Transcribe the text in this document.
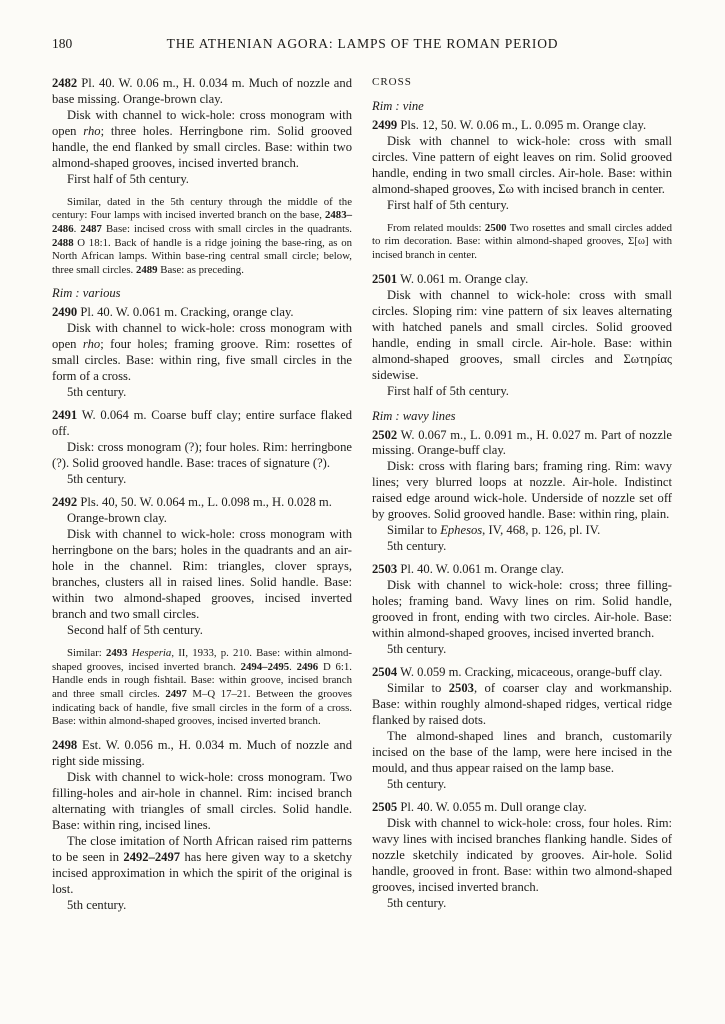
180	THE ATHENIAN AGORA: LAMPS OF THE ROMAN PERIOD

2482 Pl. 40. W. 0.06 m., H. 0.034 m. Much of nozzle and base missing. Orange-brown clay.

Disk with channel to wick-hole: cross monogram with open rho; three holes. Herringbone rim. Solid grooved handle, the end flanked by small circles. Base: within two almond-shaped grooves, incised inverted branch.

First half of 5th century.

Similar, dated in the 5th century through the middle of the century: Four lamps with incised inverted branch on the base, 2483–2486. 2487 Base: incised cross with small circles in the quadrants. 2488 O 18:1. Back of handle is a ridge joining the base-ring, as on North African lamps. Within base-ring central small circle; below, three small circles. 2489 Base: as preceding.

Rim : various

2490 Pl. 40. W. 0.061 m. Cracking, orange clay.

Disk with channel to wick-hole: cross monogram with open rho; four holes; framing groove. Rim: rosettes of small circles. Base: within ring, five small circles in the form of a cross.

5th century.

2491 W. 0.064 m. Coarse buff clay; entire surface flaked off.

Disk: cross monogram (?); four holes. Rim: herringbone (?). Solid grooved handle. Base: traces of signature (?).

5th century.

2492 Pls. 40, 50. W. 0.064 m., L. 0.098 m., H. 0.028 m.

Orange-brown clay.

Disk with channel to wick-hole: cross monogram with herringbone on the bars; holes in the quadrants and an air-hole in the channel. Rim: triangles, clover sprays, branches, clusters all in raised lines. Solid handle. Base: within two almond-shaped grooves, incised inverted branch and two small circles.

Second half of 5th century.

Similar: 2493 Hesperia, II, 1933, p. 210. Base: within almond-shaped grooves, incised inverted branch. 2494–2495. 2496 D 6:1. Handle ends in rough fishtail. Base: within groove, incised branch and three small circles. 2497 M–Q 17–21. Between the grooves indicating back of handle, five small circles in the form of a cross. Base: within almond-shaped grooves, incised inverted branch.

2498 Est. W. 0.056 m., H. 0.034 m. Much of nozzle and right side missing.

Disk with channel to wick-hole: cross monogram. Two filling-holes and air-hole in channel. Rim: incised branch alternating with triangles of small circles. Solid handle. Base: within ring, incised lines.

The close imitation of North African raised rim patterns to be seen in 2492–2497 has here given way to a sketchy incised approximation in which the spirit of the original is lost.

5th century.

CROSS

Rim : vine

2499 Pls. 12, 50. W. 0.06 m., L. 0.095 m. Orange clay.

Disk with channel to wick-hole: cross with small circles. Vine pattern of eight leaves on rim. Solid grooved handle, ending in two small circles. Air-hole. Base: within almond-shaped grooves, Σω with incised branch in center.

First half of 5th century.

From related moulds: 2500 Two rosettes and small circles added to rim decoration. Base: within almond-shaped grooves, Σ[ω] with incised branch in center.

2501 W. 0.061 m. Orange clay.

Disk with channel to wick-hole: cross with small circles. Sloping rim: vine pattern of six leaves alternating with hatched panels and small circles. Solid grooved handle, ending in small circle. Air-hole. Base: within almond-shaped grooves, small circles and Σωτηρίας sidewise.

First half of 5th century.

Rim : wavy lines

2502 W. 0.067 m., L. 0.091 m., H. 0.027 m. Part of nozzle missing. Orange-buff clay.

Disk: cross with flaring bars; framing ring. Rim: wavy lines; very blurred loops at nozzle. Air-hole. Indistinct raised edge around wick-hole. Underside of nozzle set off by grooves. Solid grooved handle. Base: within ring, plain.

Similar to Ephesos, IV, 468, p. 126, pl. IV.

5th century.

2503 Pl. 40. W. 0.061 m. Orange clay.

Disk with channel to wick-hole: cross; three filling-holes; framing band. Wavy lines on rim. Solid handle, grooved in front, ending with two circles. Air-hole. Base: within almond-shaped grooves, incised inverted branch.

5th century.

2504 W. 0.059 m. Cracking, micaceous, orange-buff clay.

Similar to 2503, of coarser clay and workmanship. Base: within roughly almond-shaped ridges, vertical ridge flanked by raised dots.

The almond-shaped lines and branch, customarily incised on the base of the lamp, were here incised in the mould, and thus appear raised on the lamp base.

5th century.

2505 Pl. 40. W. 0.055 m. Dull orange clay.

Disk with channel to wick-hole: cross, four holes. Rim: wavy lines with incised branches flanking handle. Sides of nozzle sketchily indicated by grooves. Air-hole. Solid handle, grooved in front. Base: within two almond-shaped grooves, incised inverted branch.

5th century.
